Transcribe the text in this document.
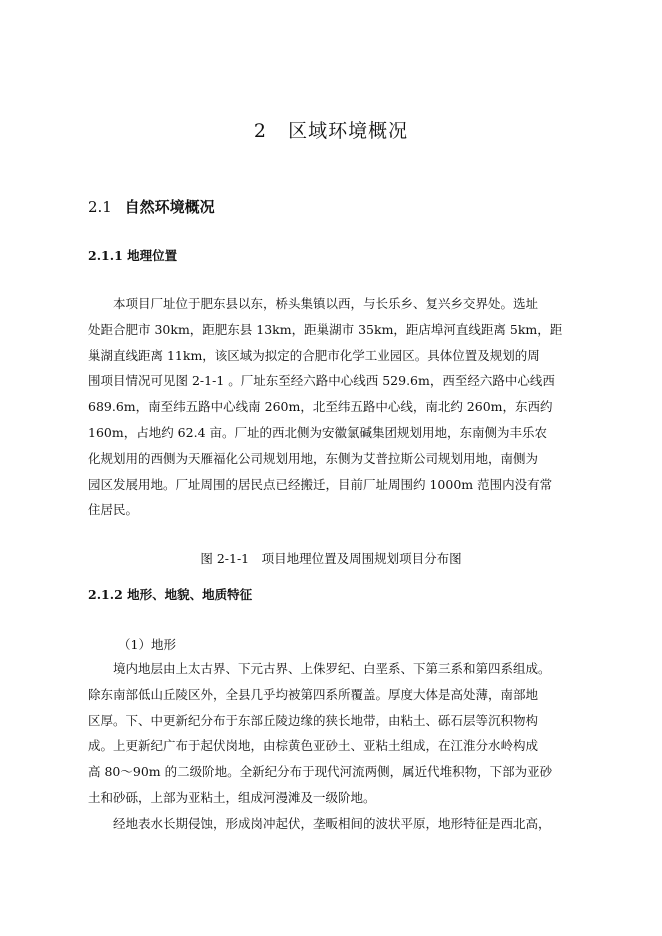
2 区域环境概况
2.1 自然环境概况
2.1.1 地理位置
　　本项目厂址位于肥东县以东，桥头集镇以西，与长乐乡、复兴乡交界处。选址
处距合肥市 30km，距肥东县 13km，距巢湖市 35km，距店埠河直线距离 5km，距
巢湖直线距离 11km，该区域为拟定的合肥市化学工业园区。具体位置及规划的周
围项目情况可见图 2-1-1 。厂址东至经六路中心线西 529.6m，西至经六路中心线西
689.6m，南至纬五路中心线南 260m，北至纬五路中心线，南北约 260m，东西约
160m，占地约 62.4 亩。厂址的西北侧为安徽氯碱集团规划用地，东南侧为丰乐农
化规划用的西侧为天雁福化公司规划用地，东侧为艾普拉斯公司规划用地，南侧为
园区发展用地。厂址周围的居民点已经搬迁，目前厂址周围约 1000m 范围内没有常
住居民。
图 2-1-1　项目地理位置及周围规划项目分布图
2.1.2 地形、地貌、地质特征
（1）地形
　　境内地层由上太古界、下元古界、上侏罗纪、白垩系、下第三系和第四系组成。
除东南部低山丘陵区外，全县几乎均被第四系所覆盖。厚度大体是高处薄，南部地
区厚。下、中更新纪分布于东部丘陵边缘的狭长地带，由粘土、砾石层等沉积物构
成。上更新纪广布于起伏岗地，由棕黄色亚砂土、亚粘土组成，在江淮分水岭构成
高 80～90m 的二级阶地。全新纪分布于现代河流两侧，属近代堆积物，下部为亚砂
土和砂砾，上部为亚粘土，组成河漫滩及一级阶地。
　　经地表水长期侵蚀，形成岗冲起伏，垄畈相间的波状平原，地形特征是西北高，
